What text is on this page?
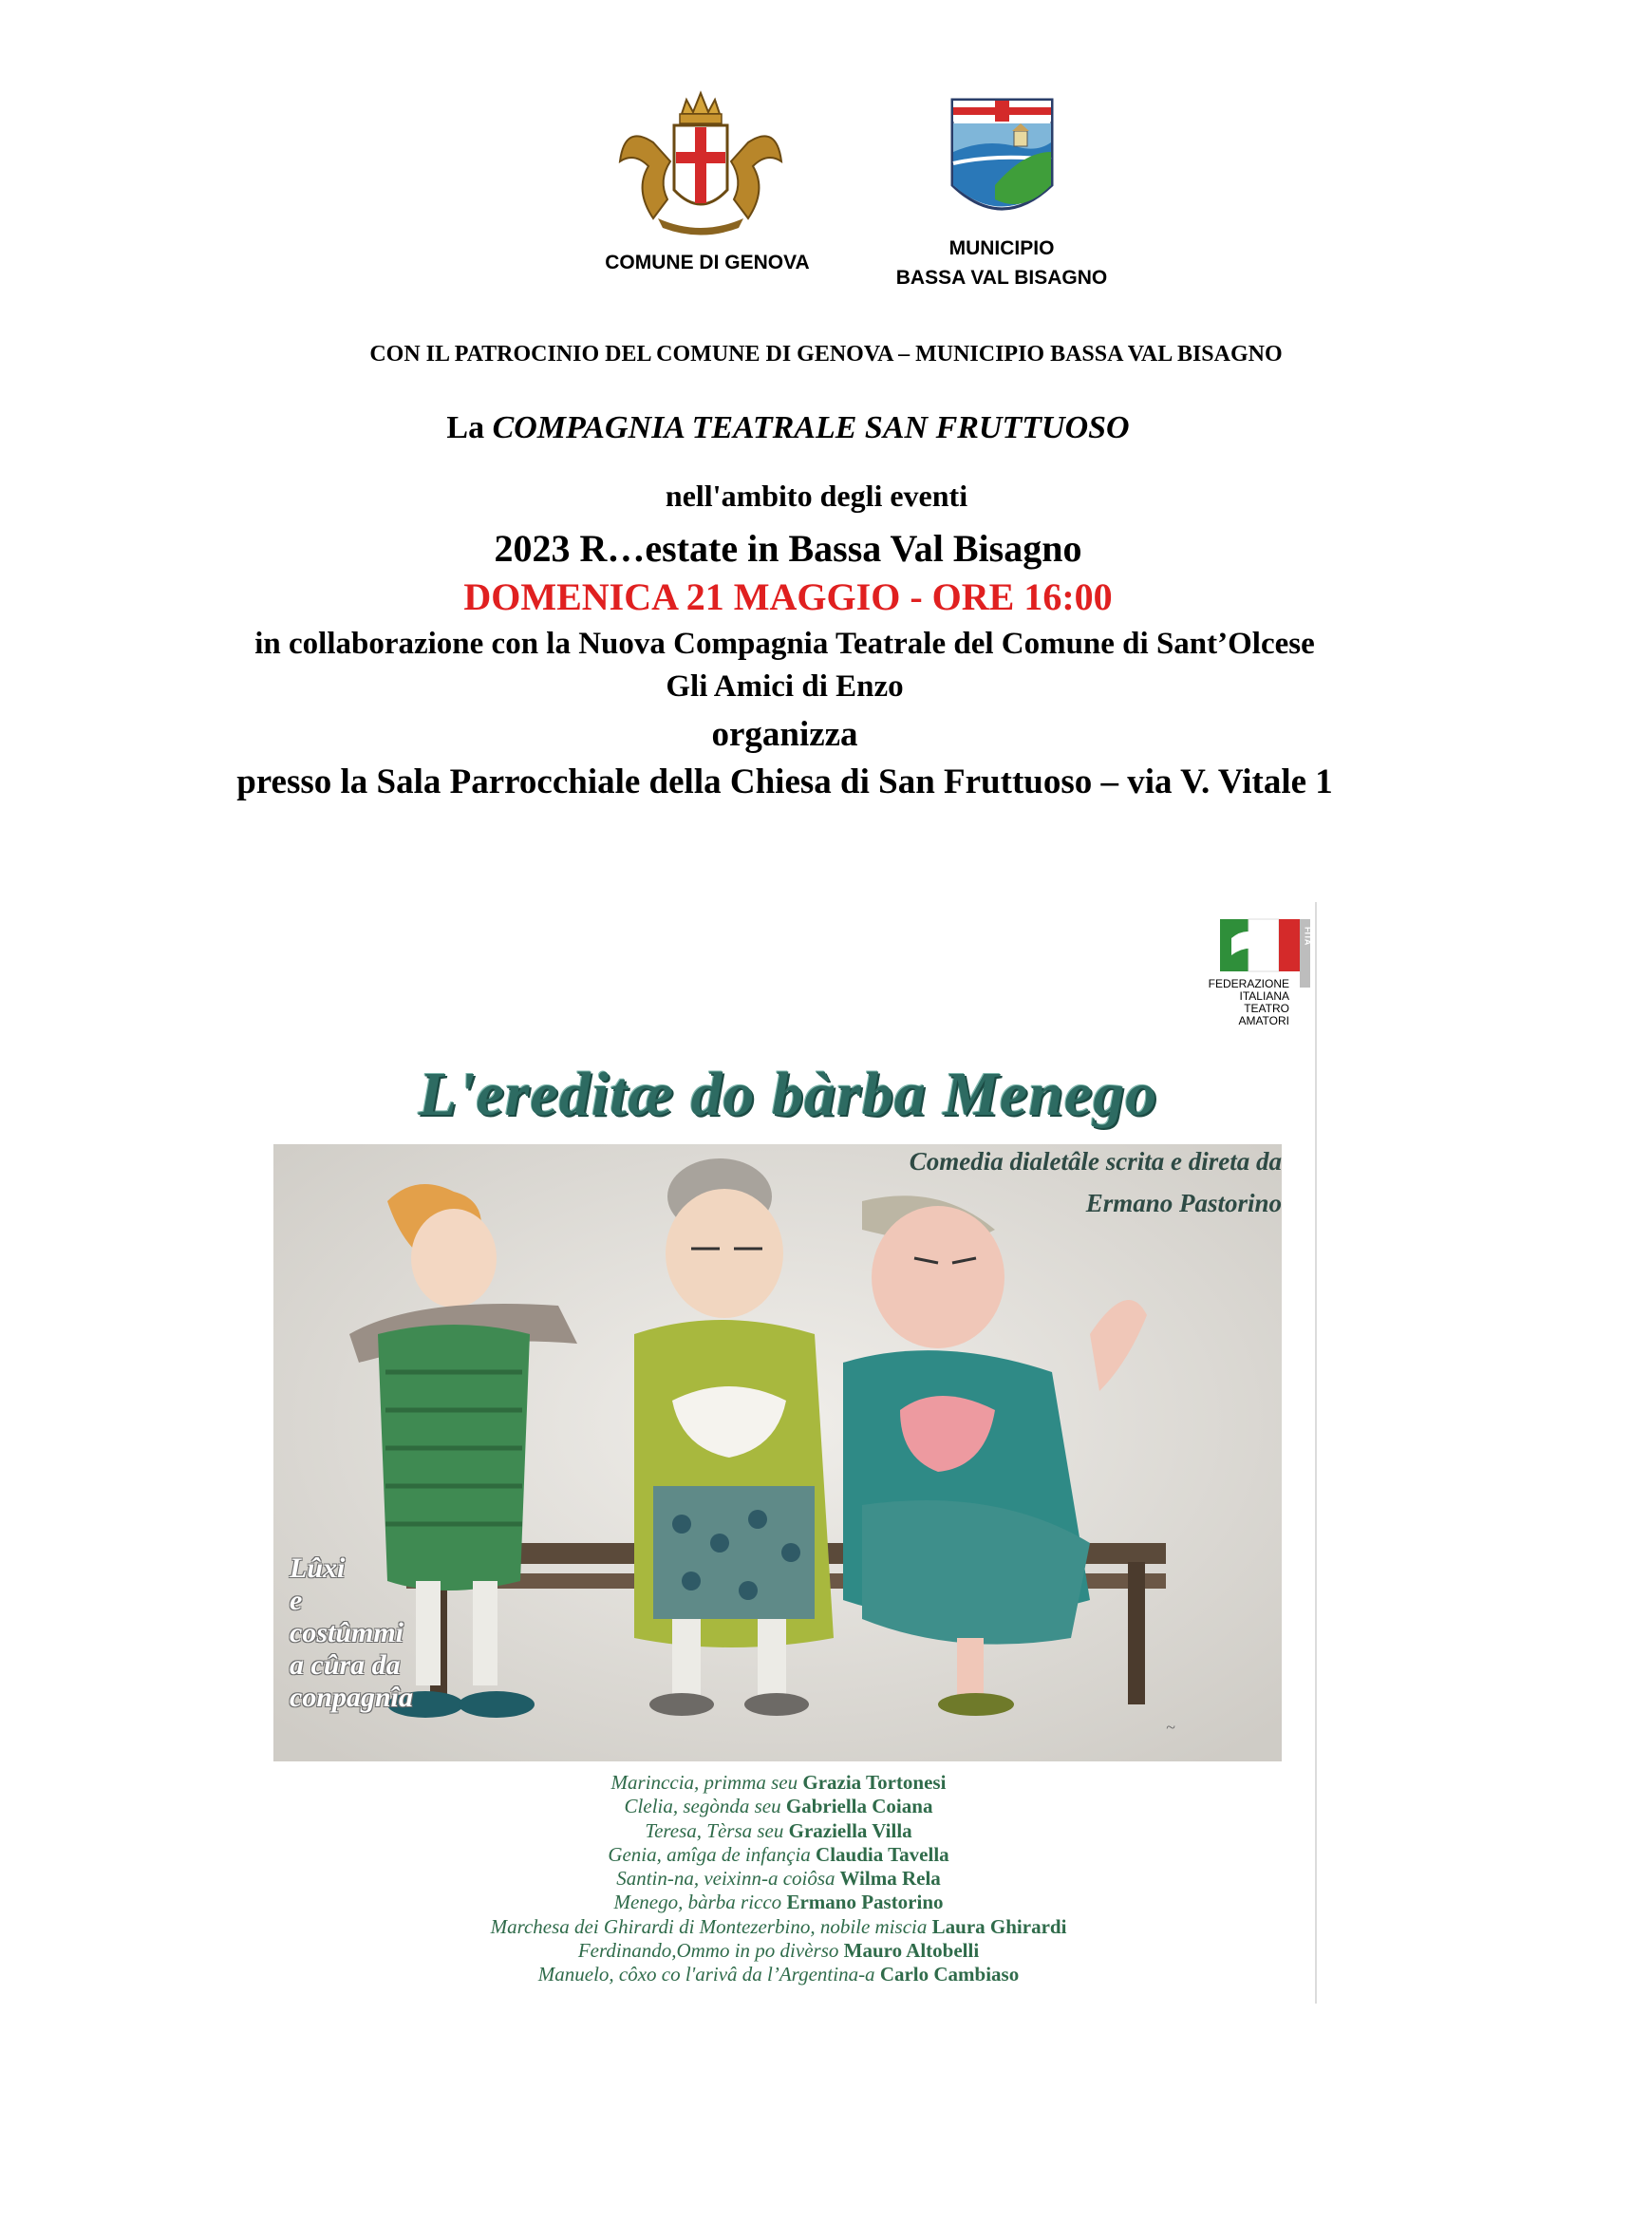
COMUNE DI GENOVA
MUNICIPIO
BASSA VAL BISAGNO
CON IL PATROCINIO DEL COMUNE DI GENOVA – MUNICIPIO BASSA VAL BISAGNO
La COMPAGNIA TEATRALE SAN FRUTTUOSO
nell'ambito degli eventi
2023 R…estate in Bassa Val Bisagno
DOMENICA 21 MAGGIO - ORE 16:00
in collaborazione con la Nuova Compagnia Teatrale del Comune di Sant’Olcese
Gli Amici di Enzo
organizza
presso la Sala Parrocchiale della Chiesa di San Fruttuoso – via V. Vitale 1
FITA
FEDERAZIONE
ITALIANA
TEATRO
AMATORI
L'ereditæ do bàrba Menego
~
Comedia dialetâle scrita e direta da
Ermano Pastorino
Lûxi
e
costûmmi
a cûra da
conpagnîa
Marinccia, primma seu Grazia Tortonesi
Clelia, segònda seu Gabriella Coiana
Teresa, Tèrsa seu Graziella Villa
Genia, amîga de infançia Claudia Tavella
Santin-na, veixinn-a coiôsa Wilma Rela
Menego, bàrba ricco Ermano Pastorino
Marchesa dei Ghirardi di Montezerbino, nobile miscia Laura Ghirardi
Ferdinando,Ommo in po divèrso Mauro Altobelli
Manuelo, côxo co l'arivâ da l’Argentina-a Carlo Cambiaso
